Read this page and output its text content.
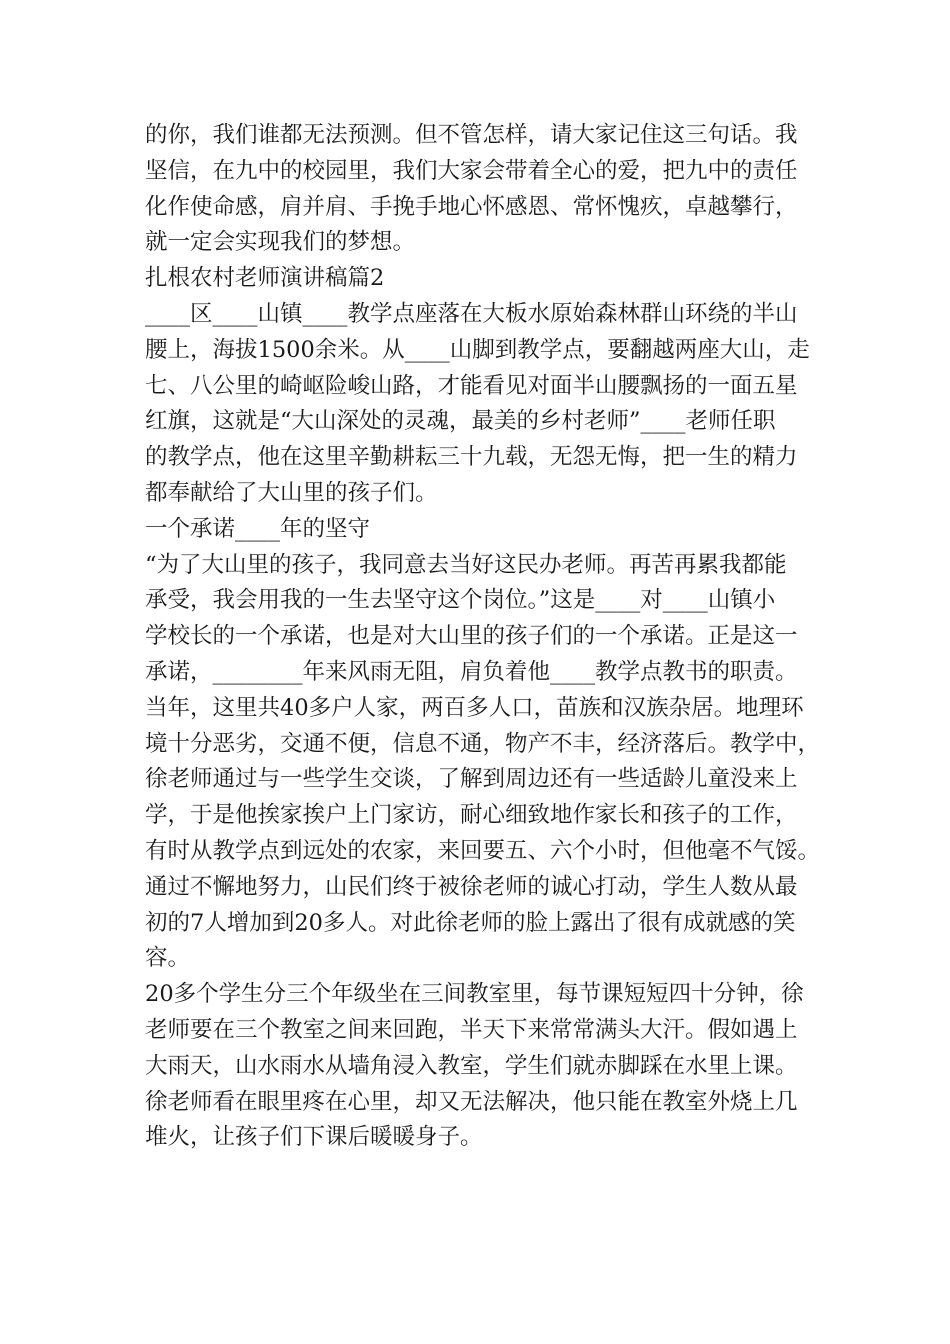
的你，我们谁都无法预测。但不管怎样，请大家记住这三句话。我
坚信，在九中的校园里，我们大家会带着全心的爱，把九中的责任
化作使命感，肩并肩、手挽手地心怀感恩、常怀愧疚，卓越攀行，
就一定会实现我们的梦想。
扎根农村老师演讲稿篇2
____区____山镇____教学点座落在大板水原始森林群山环绕的半山
腰上，海拔1500余米。从____山脚到教学点，要翻越两座大山，走
七、八公里的崎岖险峻山路，才能看见对面半山腰飘扬的一面五星
红旗，这就是“大山深处的灵魂，最美的乡村老师”____老师任职
的教学点，他在这里辛勤耕耘三十九载，无怨无悔，把一生的精力
都奉献给了大山里的孩子们。
一个承诺____年的坚守
“为了大山里的孩子，我同意去当好这民办老师。再苦再累我都能
承受，我会用我的一生去坚守这个岗位。”这是____对____山镇小
学校长的一个承诺，也是对大山里的孩子们的一个承诺。正是这一
承诺，________年来风雨无阻，肩负着他____教学点教书的职责。
当年，这里共40多户人家，两百多人口，苗族和汉族杂居。地理环
境十分恶劣，交通不便，信息不通，物产不丰，经济落后。教学中，
徐老师通过与一些学生交谈，了解到周边还有一些适龄儿童没来上
学，于是他挨家挨户上门家访，耐心细致地作家长和孩子的工作，
有时从教学点到远处的农家，来回要五、六个小时，但他毫不气馁。
通过不懈地努力，山民们终于被徐老师的诚心打动，学生人数从最
初的7人增加到20多人。对此徐老师的脸上露出了很有成就感的笑
容。
20多个学生分三个年级坐在三间教室里，每节课短短四十分钟，徐
老师要在三个教室之间来回跑，半天下来常常满头大汗。假如遇上
大雨天，山水雨水从墙角浸入教室，学生们就赤脚踩在水里上课。
徐老师看在眼里疼在心里，却又无法解决，他只能在教室外烧上几
堆火，让孩子们下课后暖暖身子。
